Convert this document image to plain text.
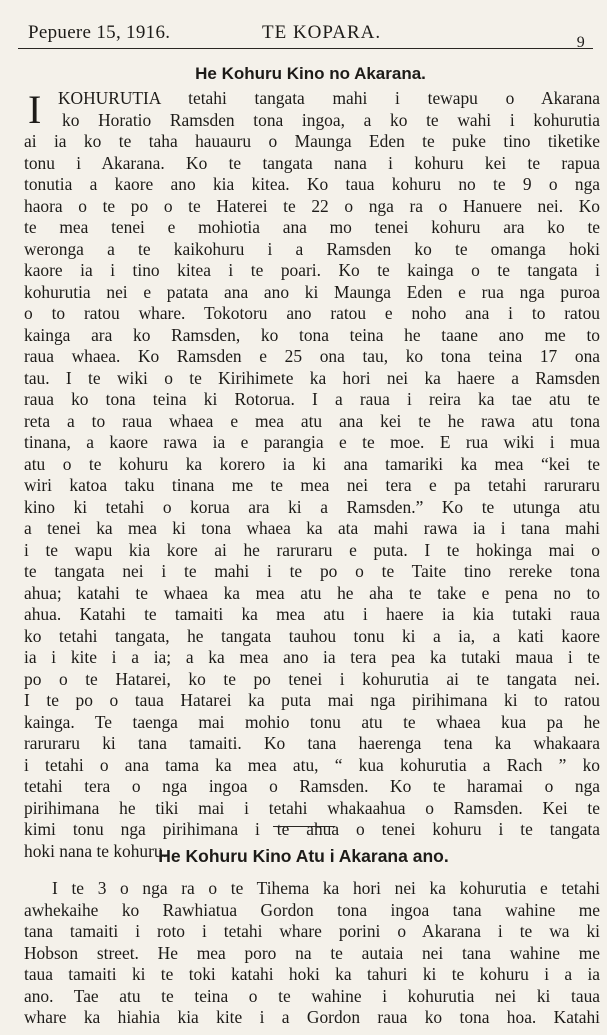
Pepuere 15, 1916.	TE KOPARA.	9
He Kohuru Kino no Akarana.
I KOHURUTIA tetahi tangata mahi i tewapu o Akarana
ko Horatio Ramsden tona ingoa, a ko te wahi i kohurutia
ai ia ko te taha hauauru o Maunga Eden te puke tino tiketike
tonu i Akarana. Ko te tangata nana i kohuru kei te rapua
tonutia a kaore ano kia kitea. Ko taua kohuru no te 9 o nga
haora o te po o te Haterei te 22 o nga ra o Hanuere nei. Ko
te mea tenei e mohiotia ana mo tenei kohuru ara ko te
weronga a te kaikohuru i a Ramsden ko te omanga hoki
kaore ia i tino kitea i te poari. Ko te kainga o te tangata i
kohurutia nei e patata ana ano ki Maunga Eden e rua nga puroa
o to ratou whare. Tokotoru ano ratou e noho ana i to ratou
kainga ara ko Ramsden, ko tona teina he taane ano me to
raua whaea. Ko Ramsden e 25 ona tau, ko tona teina 17 ona
tau. I te wiki o te Kirihimete ka hori nei ka haere a Ramsden
raua ko tona teina ki Rotorua. I a raua i reira ka tae atu te
reta a to raua whaea e mea atu ana kei te he rawa atu tona
tinana, a kaore rawa ia e parangia e te moe. E rua wiki i mua
atu o te kohuru ka korero ia ki ana tamariki ka mea “kei te
wiri katoa taku tinana me te mea nei tera e pa tetahi raruraru
kino ki tetahi o korua ara ki a Ramsden.” Ko te utunga atu
a tenei ka mea ki tona whaea ka ata mahi rawa ia i tana mahi
i te wapu kia kore ai he raruraru e puta. I te hokinga mai o
te tangata nei i te mahi i te po o te Taite tino rereke tona
ahua; katahi te whaea ka mea atu he aha te take e pena no to
ahua. Katahi te tamaiti ka mea atu i haere ia kia tutaki raua
ko tetahi tangata, he tangata tauhou tonu ki a ia, a kati kaore
ia i kite i a ia; a ka mea ano ia tera pea ka tutaki maua i te
po o te Hatarei, ko te po tenei i kohurutia ai te tangata nei.
I te po o taua Hatarei ka puta mai nga pirihimana ki to ratou
kainga. Te taenga mai mohio tonu atu te whaea kua pa he
raruraru ki tana tamaiti. Ko tana haerenga tena ka whakaara
i tetahi o ana tama ka mea atu, “ kua kohurutia a Rach ” ko
tetahi tera o nga ingoa o Ramsden. Ko te haramai o nga
pirihimana he tiki mai i tetahi whakaahua o Ramsden. Kei te
kimi tonu nga pirihimana i te ahua o tenei kohuru i te tangata
hoki nana te kohuru.
He Kohuru Kino Atu i Akarana ano.
I te 3 o nga ra o te Tihema ka hori nei ka kohurutia e tetahi
awhekaihe ko Rawhiatua Gordon tona ingoa tana wahine me
tana tamaiti i roto i tetahi whare porini o Akarana i te wa ki
Hobson street. He mea poro na te autaia nei tana wahine me
taua tamaiti ki te toki katahi hoki ka tahuri ki te kohuru i a ia
ano. Tae atu te teina o te wahine i kohurutia nei ki taua
whare ka hiahia kia kite i a Gordon raua ko tona hoa. Katahi
